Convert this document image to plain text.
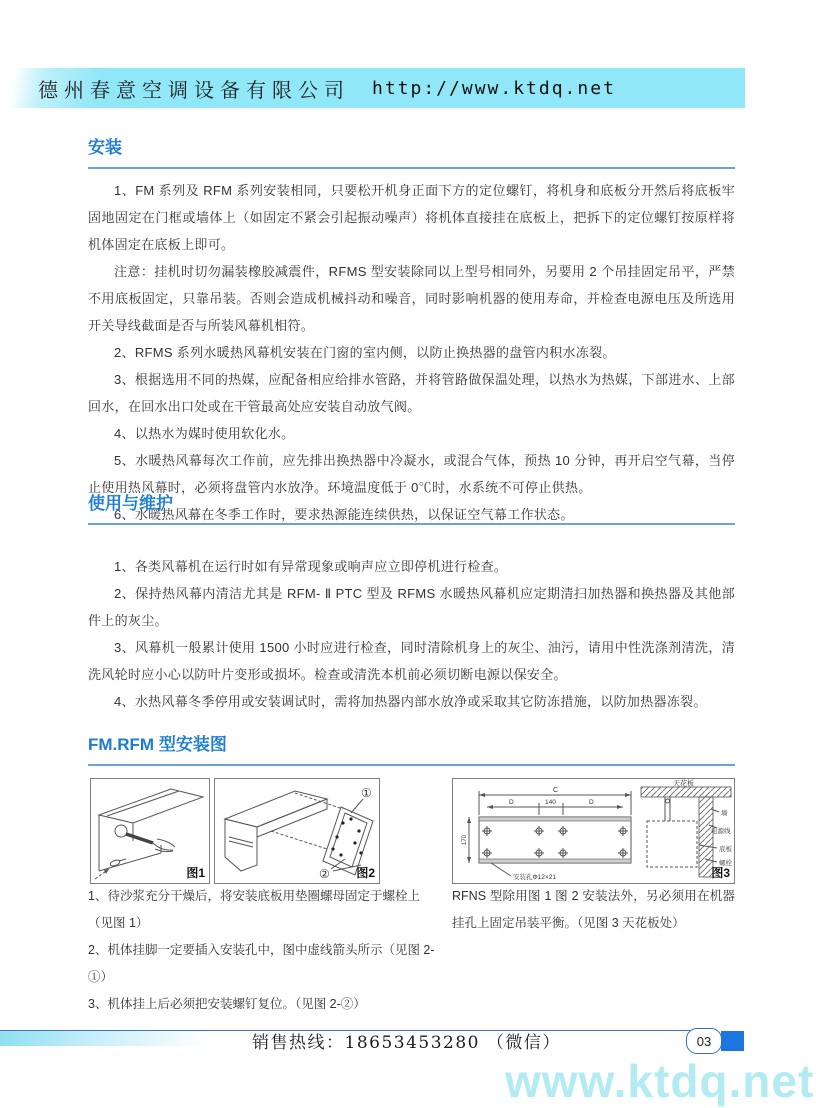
德州春意空调设备有限公司 http://www.ktdq.net
安装

1、FM 系列及 RFM 系列安装相同，只要松开机身正面下方的定位螺钉，将机身和底板分开然后将底板牢固地固定在门框或墙体上（如固定不紧会引起振动噪声）将机体直接挂在底板上，把拆下的定位螺钉按原样将机体固定在底板上即可。

注意：挂机时切勿漏装橡胶减震件，RFMS 型安装除同以上型号相同外，另要用 2 个吊挂固定吊平，严禁不用底板固定，只靠吊装。否则会造成机械抖动和噪音，同时影响机器的使用寿命，并检查电源电压及所选用开关导线截面是否与所装风幕机相符。

2、RFMS 系列水暖热风幕机安装在门窗的室内侧，以防止换热器的盘管内积水冻裂。

3、根据选用不同的热媒，应配备相应给排水管路，并将管路做保温处理，以热水为热媒，下部进水、上部回水，在回水出口处或在干管最高处应安装自动放气阀。

4、以热水为媒时使用软化水。

5、水暖热风幕每次工作前，应先排出换热器中冷凝水，或混合气体，预热 10 分钟，再开启空气幕，当停止使用热风幕时，必须将盘管内水放净。环境温度低于 0℃时，水系统不可停止供热。

6、水暖热风幕在冬季工作时，要求热源能连续供热，以保证空气幕工作状态。

使用与维护

1、各类风幕机在运行时如有异常现象或响声应立即停机进行检查。

2、保持热风幕内清洁尤其是 RFM- Ⅱ PTC 型及 RFMS 水暖热风幕机应定期清扫加热器和换热器及其他部件上的灰尘。

3、风幕机一般累计使用 1500 小时应进行检查，同时清除机身上的灰尘、油污，请用中性洗涤剂清洗，清洗风轮时应小心以防叶片变形或损坏。检查或清洗本机前必须切断电源以保安全。

4、水热风幕冬季停用或安装调试时，需将加热器内部水放净或采取其它防冻措施，以防加热器冻裂。

FM.RFM 型安装图
图1
①
② 图2
C
D	140	D
170
安装孔Φ12×21
天花板
墙
电源线
底板
螺栓
图3

1、待沙浆充分干燥后，将安装底板用垫圈螺母固定于螺栓上（见图 1）

2、机体挂脚一定要插入安装孔中，图中虚线箭头所示（见图 2-①）

3、机体挂上后必须把安装螺钉复位。（见图 2-②）

RFNS 型除用图 1 图 2 安装法外，另必须用在机器挂孔上固定吊装平衡。（见图 3 天花板处）

销售热线：18653453280 （微信）	03
www.ktdq.net
